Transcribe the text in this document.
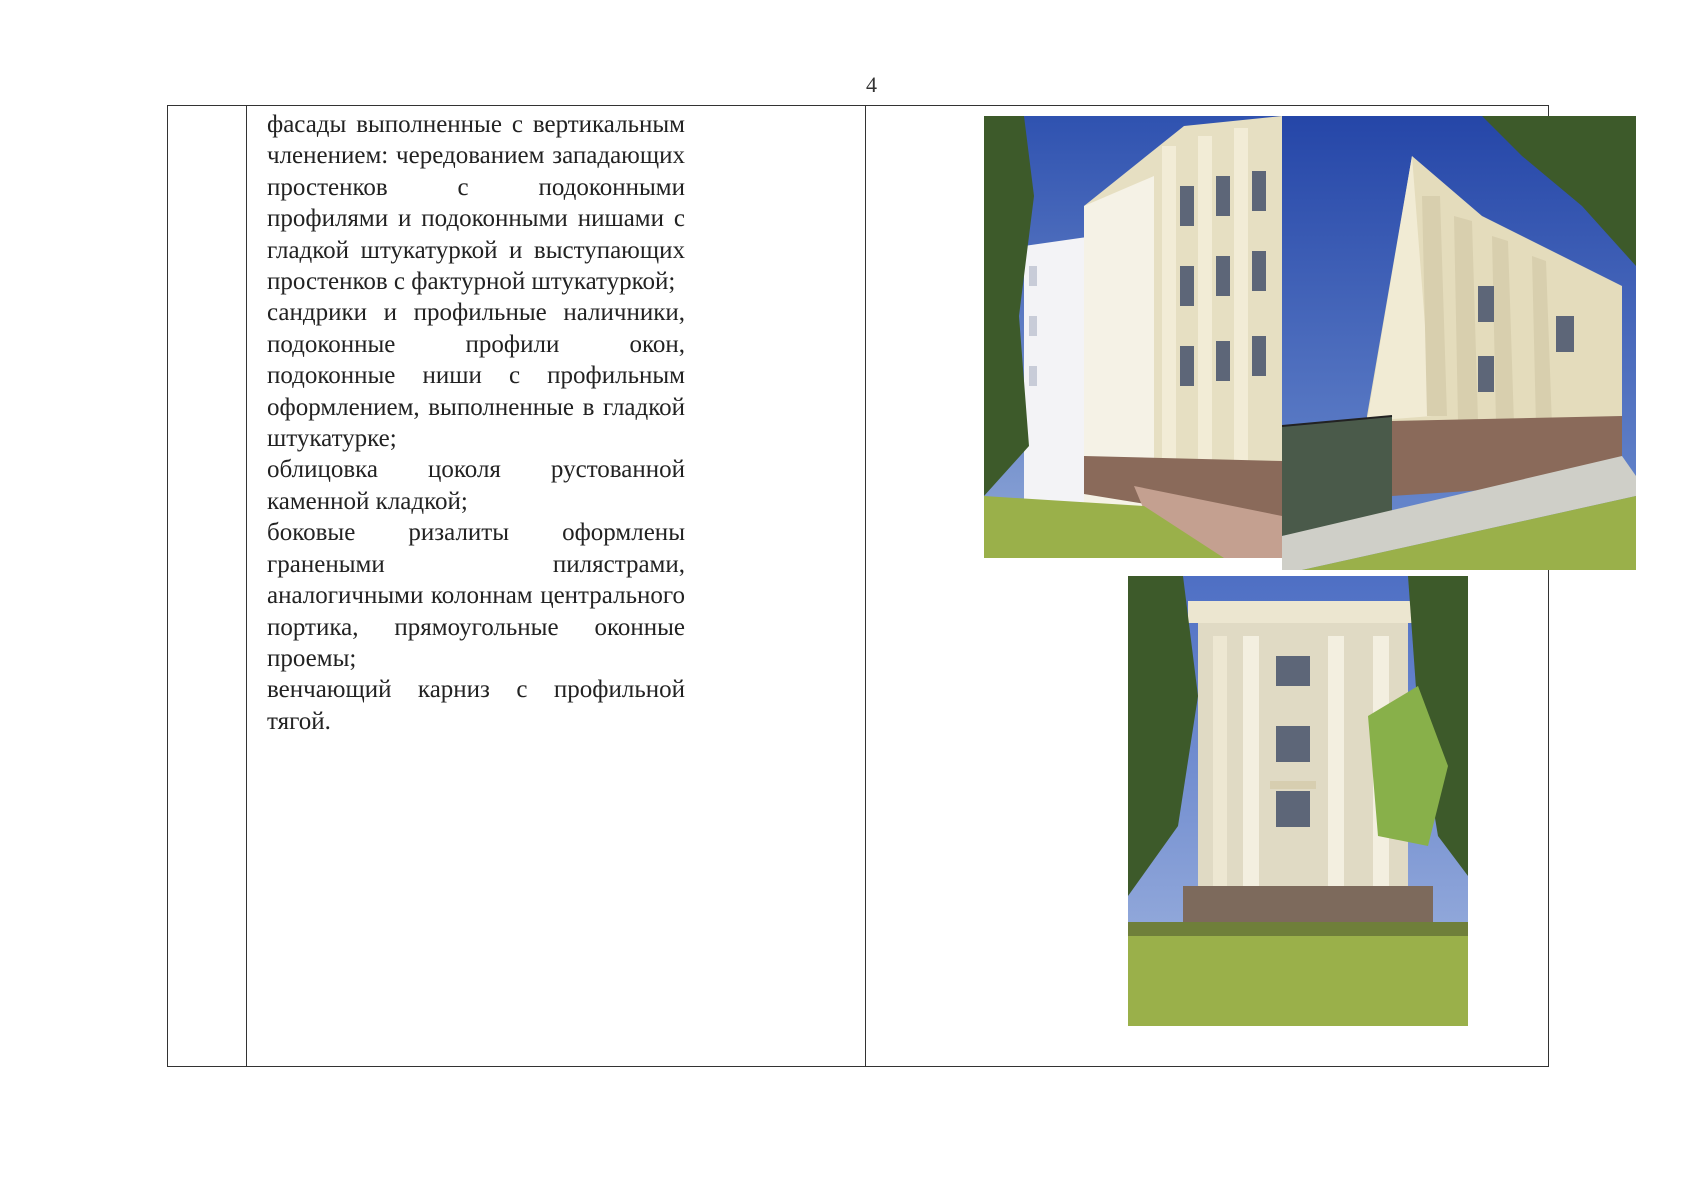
4

фасады выполненные с вертикальным членением: чередованием западающих простенков с подоконными профилями и подоконными нишами с гладкой штукатуркой и выступающих простенков с фактурной штукатуркой;

сандрики и профильные наличники, подоконные профили окон, подоконные ниши с профильным оформлением, выполненные в гладкой штукатурке;

облицовка цоколя рустованной каменной кладкой;

боковые ризалиты оформлены гранеными пилястрами, аналогичными колоннам центрального портика, прямоугольные оконные проемы;

венчающий карниз с профильной тягой.
